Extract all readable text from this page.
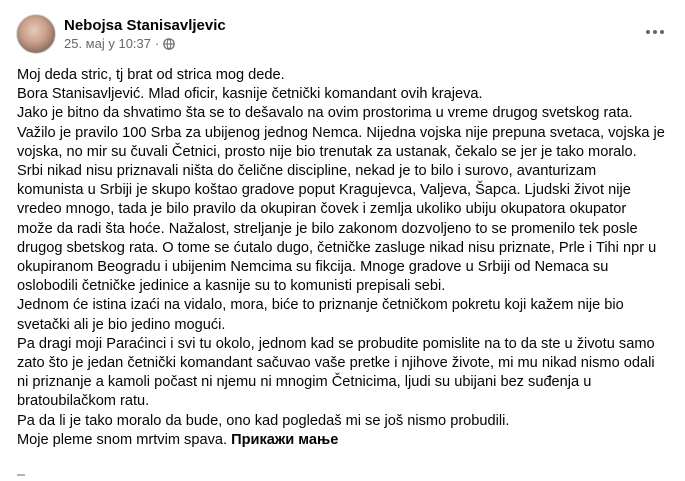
Nebojsa Stanisavljevic
25. мај у 10:37 ·
Moj deda stric, tj brat od strica mog dede.
Bora Stanisavljević. Mlad oficir, kasnije četnički komandant ovih krajeva.
Jako je bitno da shvatimo šta se to dešavalo na ovim prostorima u vreme drugog svetskog rata.
Važilo je pravilo 100 Srba za ubijenog jednog Nemca. Nijedna vojska nije prepuna svetaca, vojska je
vojska, no mir su čuvali Četnici, prosto nije bio trenutak za ustanak, čekalo se jer je tako moralo.
Srbi nikad nisu priznavali ništa do čelične discipline, nekad je to bilo i surovo, avanturizam
komunista u Srbiji je skupo koštao gradove poput Kragujevca, Valjeva, Šapca. Ljudski život nije
vredeo mnogo, tada je bilo pravilo da okupiran čovek i zemlja ukoliko ubiju okupatora okupator
može da radi šta hoće. Nažalost, streljanje je bilo zakonom dozvoljeno to se promenilo tek posle
drugog sbetskog rata. O tome se ćutalo dugo, četničke zasluge nikad nisu priznate, Prle i Tihi npr u
okupiranom Beogradu i ubijenim Nemcima su fikcija. Mnoge gradove u Srbiji od Nemaca su
oslobodili četničke jedinice a kasnije su to komunisti prepisali sebi.
Jednom će istina izaći na vidalo, mora, biće to priznanje četničkom pokretu koji kažem nije bio
svetački ali je bio jedino mogući.
Pa dragi moji Paraćinci i svi tu okolo, jednom kad se probudite pomislite na to da ste u životu samo
zato što je jedan četnički komandant sačuvao vaše pretke i njihove živote, mi mu nikad nismo odali
ni priznanje a kamoli počast ni njemu ni mnogim Četnicima, ljudi su ubijani bez suđenja u
bratoubilačkom ratu.
Pa da li je tako moralo da bude, ono kad pogledaš mi se još nismo probudili.
Moje pleme snom mrtvim spava. Прикажи мање
